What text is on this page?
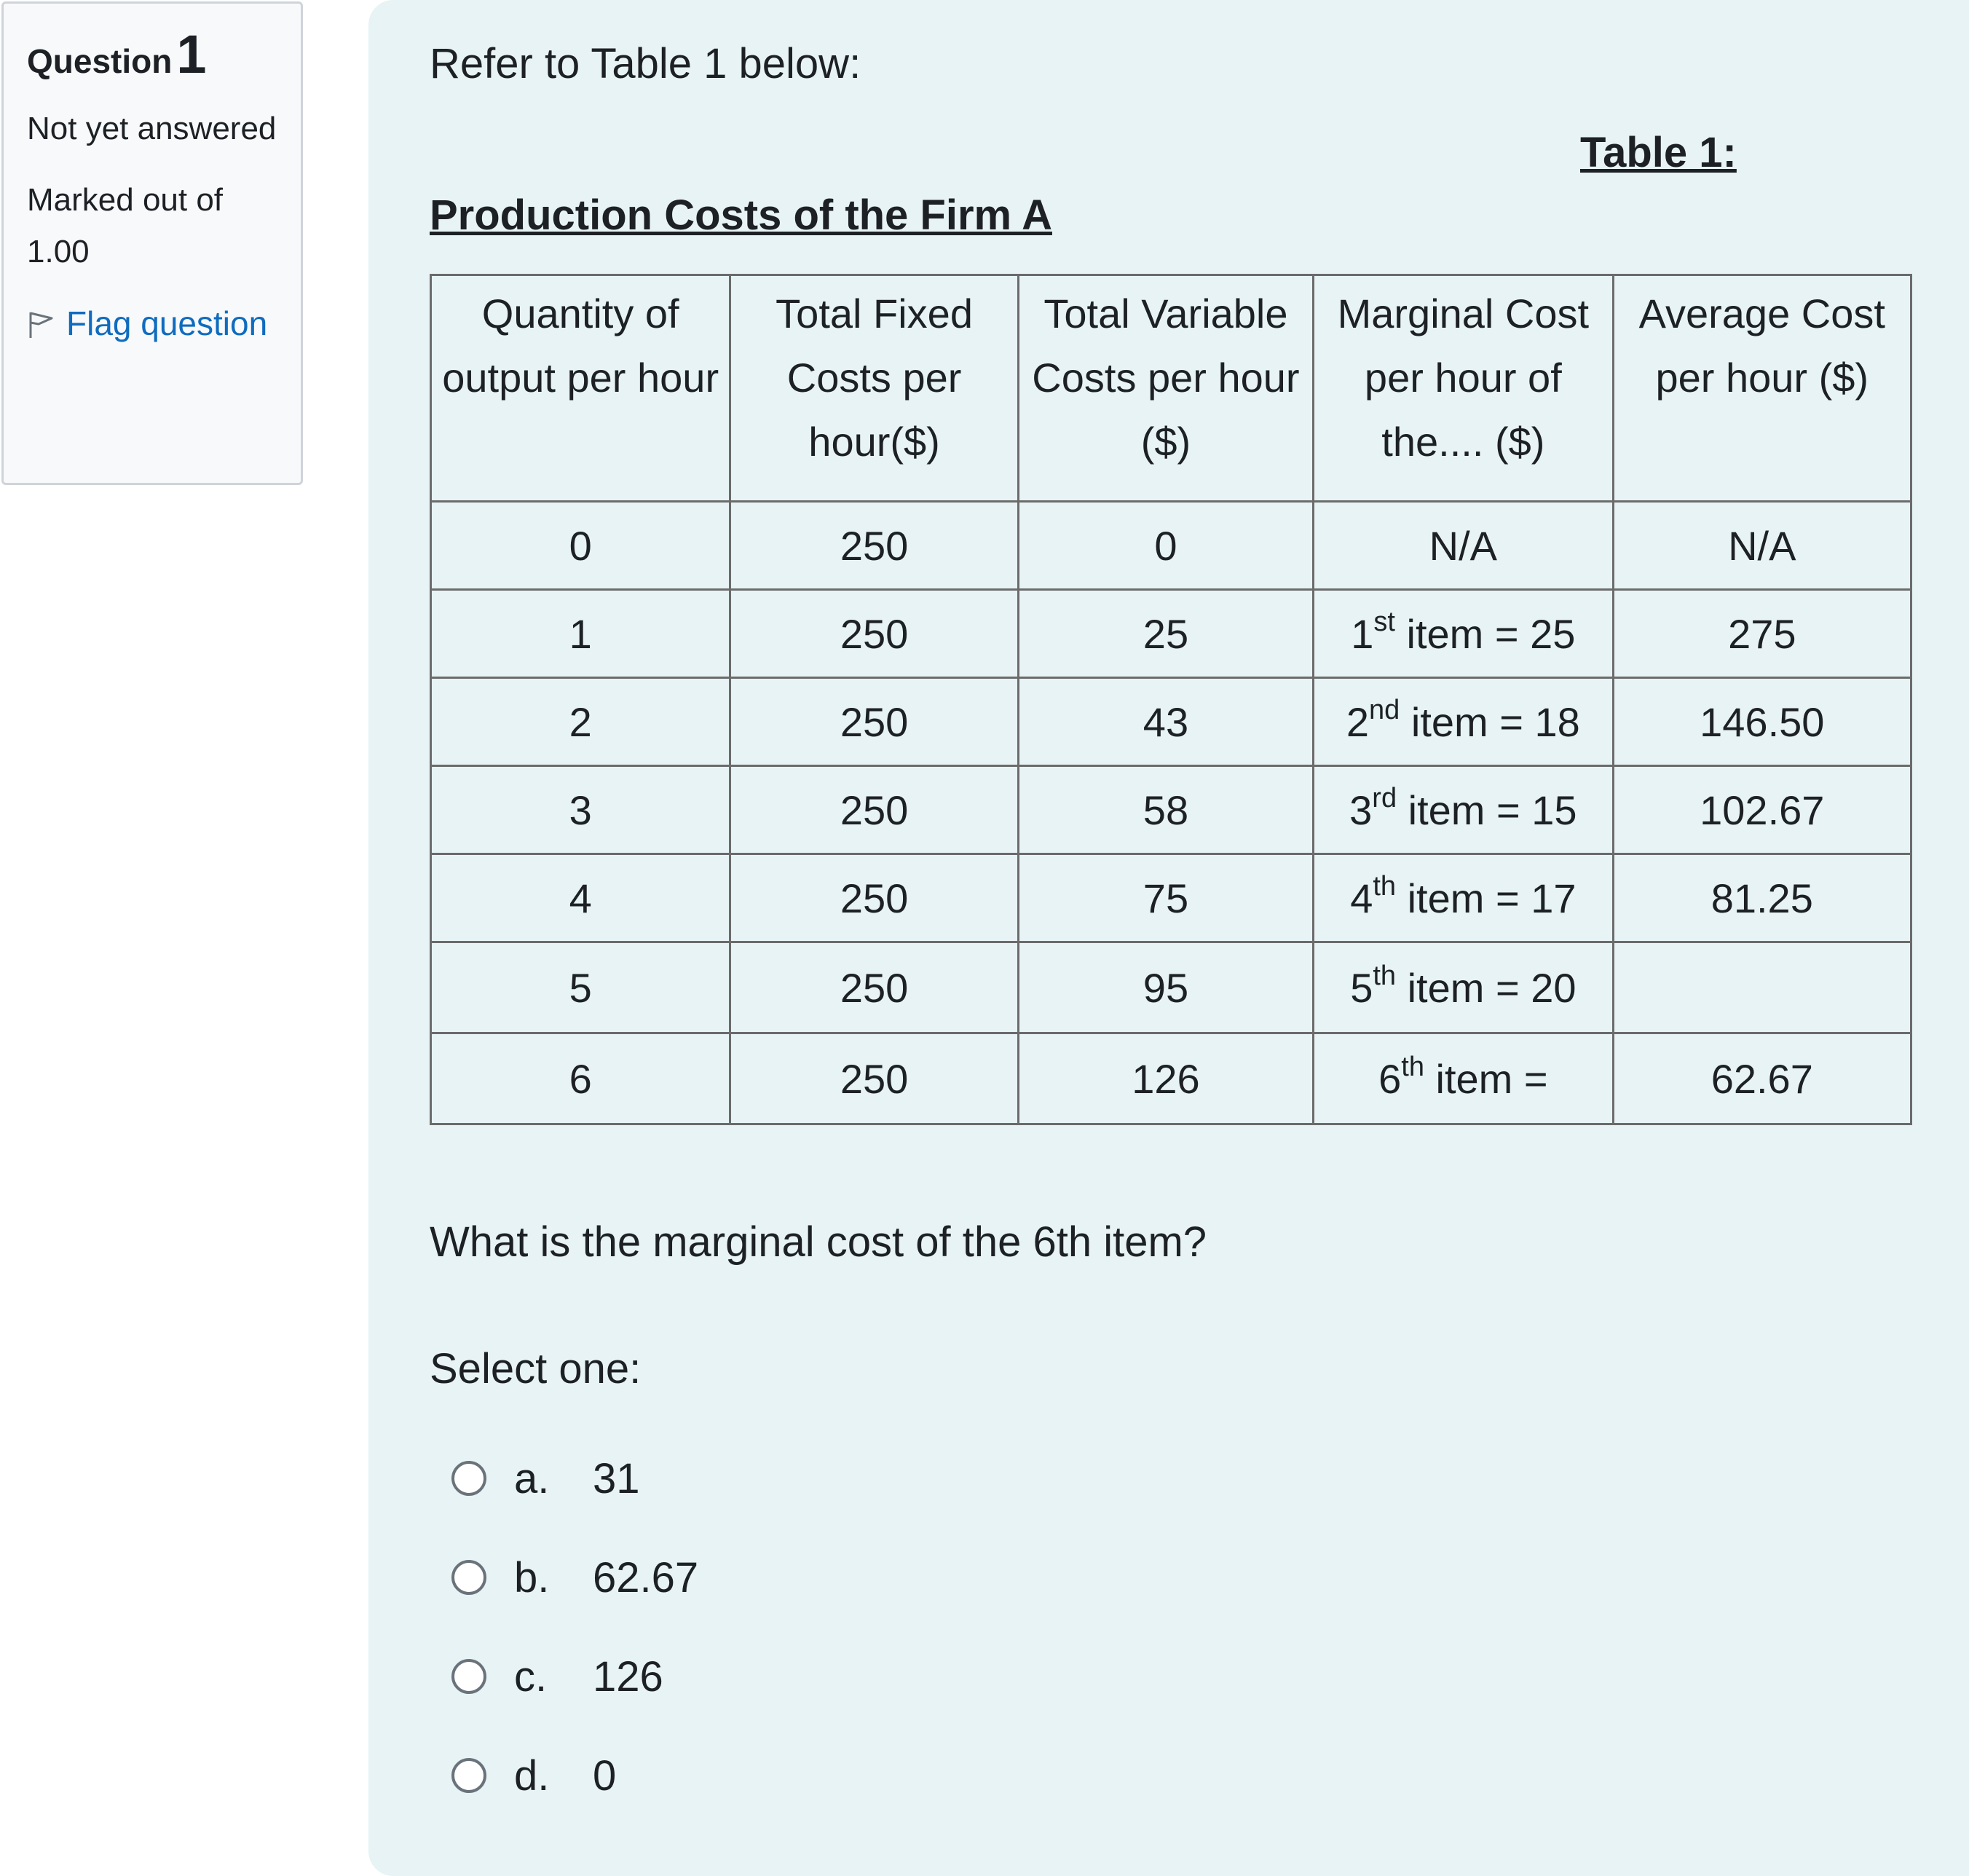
Question1
Not yet answered
Marked out of 1.00
Flag question

Refer to Table 1 below:

Table 1:

Production Costs of the Firm A

Quantity of output per hour	Total Fixed Costs per hour($)	Total Variable Costs per hour ($)	Marginal Cost per hour of the.... ($)	Average Cost per hour ($)
0	250	0	N/A	N/A
1	250	25	1st item = 25	275
2	250	43	2nd item = 18	146.50
3	250	58	3rd item = 15	102.67
4	250	75	4th item = 17	81.25
5	250	95	5th item = 20	
6	250	126	6th item =	62.67

What is the marginal cost of the 6th item?

Select one:

a.	31
b.	62.67
c.	126
d.	0
